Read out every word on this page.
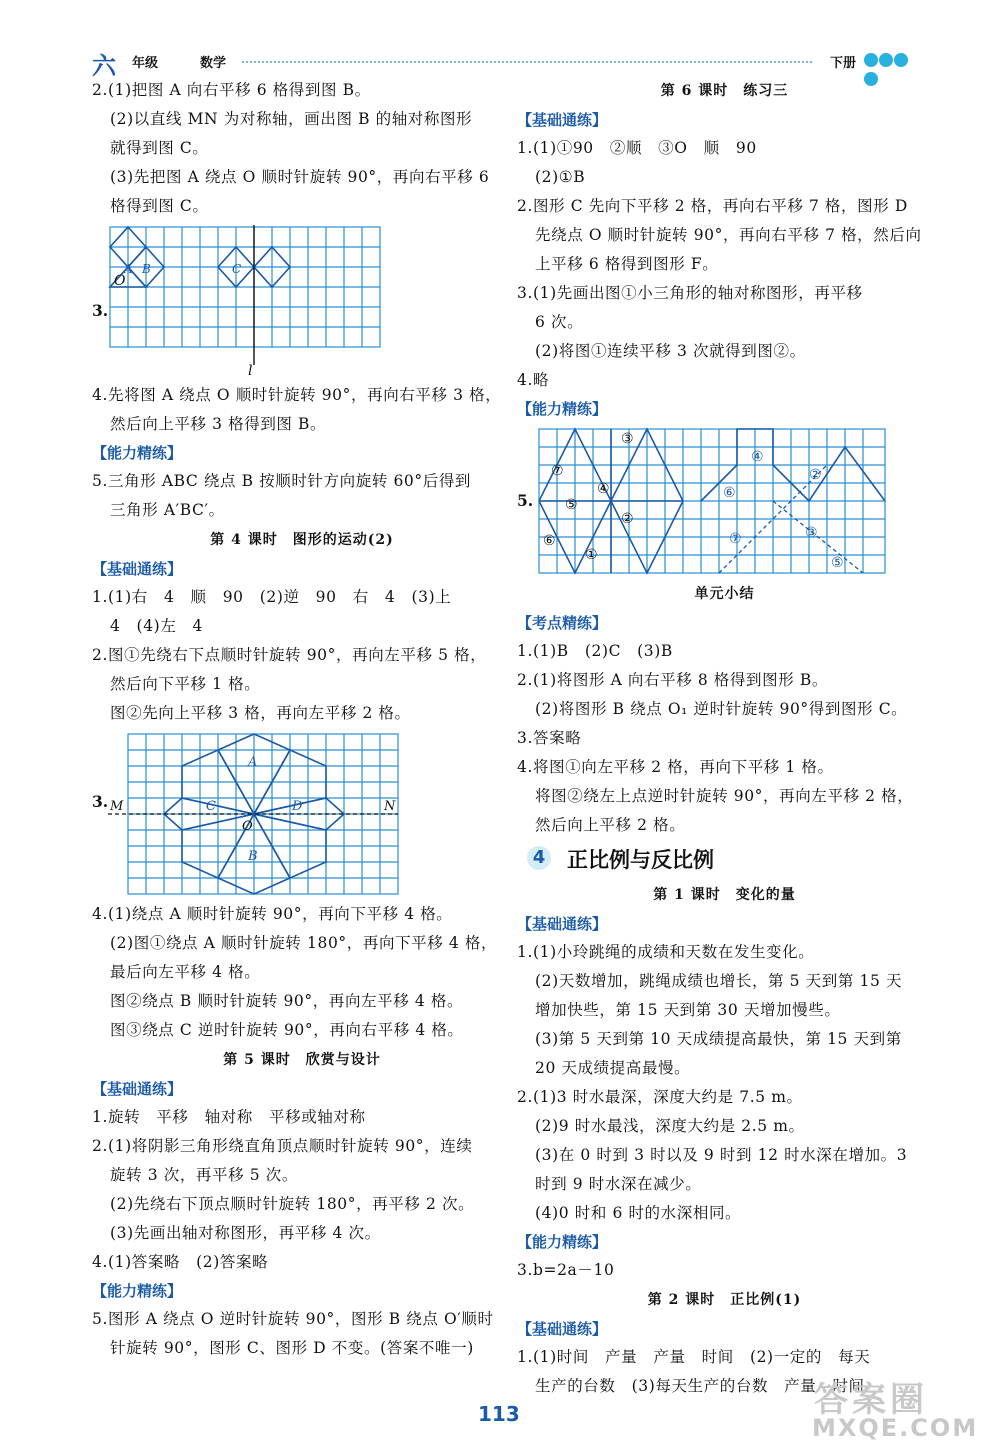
六 年级	数学	下册
2.(1)把图 A 向右平移 6 格得到图 B。
(2)以直线 MN 为对称轴，画出图 B 的轴对称图形
就得到图 C。
(3)先把图 A 绕点 O 顺时针旋转 90°，再向右平移 6
格得到图 C。
3.
O
A B	C
l
4.先将图 A 绕点 O 顺时针旋转 90°，再向右平移 3 格，
然后向上平移 3 格得到图 B。
【能力精练】
5.三角形 ABC 绕点 B 按顺时针方向旋转 60°后得到
三角形 A′BC′。
第 4 课时　图形的运动(2)
【基础通练】
1.(1)右　4　顺　90　(2)逆　90　右　4　(3)上
4　(4)左　4
2.图①先绕右下点顺时针旋转 90°，再向左平移 5 格，
然后向下平移 1 格。
图②先向上平移 3 格，再向左平移 2 格。
3. M	N
A
B
C	D
O
4.(1)绕点 A 顺时针旋转 90°，再向下平移 4 格。
(2)图①绕点 A 顺时针旋转 180°，再向下平移 4 格，
最后向左平移 4 格。
图②绕点 B 顺时针旋转 90°，再向左平移 4 格。
图③绕点 C 逆时针旋转 90°，再向右平移 4 格。
第 5 课时　欣赏与设计
【基础通练】
1.旋转　平移　轴对称　平移或轴对称
2.(1)将阴影三角形绕直角顶点顺时针旋转 90°，连续
旋转 3 次，再平移 5 次。
(2)先绕右下顶点顺时针旋转 180°，再平移 2 次。
(3)先画出轴对称图形，再平移 4 次。
4.(1)答案略　(2)答案略
【能力精练】
5.图形 A 绕点 O 逆时针旋转 90°，图形 B 绕点 O′顺时
针旋转 90°，图形 C、图形 D 不变。(答案不唯一)
第 6 课时　练习三
【基础通练】
1.(1)①90　②顺　③O　顺　90
(2)①B
2.图形 C 先向下平移 2 格，再向右平移 7 格，图形 D
先绕点 O 顺时针旋转 90°，再向右平移 7 格，然后向
上平移 6 格得到图形 F。
3.(1)先画出图①小三角形的轴对称图形，再平移
6 次。
(2)将图①连续平移 3 次就得到图②。
4.略
【能力精练】
5.
①
②
②
③
③
④
④
⑤
⑤
⑥
⑥
⑦
⑦
单元小结
【考点精练】
1.(1)B　(2)C　(3)B
2.(1)将图形 A 向右平移 8 格得到图形 B。
(2)将图形 B 绕点 O₁ 逆时针旋转 90°得到图形 C。
3.答案略
4.将图①向左平移 2 格，再向下平移 1 格。
将图②绕左上点逆时针旋转 90°，再向左平移 2 格，
然后向上平移 2 格。
4 正比例与反比例
第 1 课时　变化的量
【基础通练】
1.(1)小玲跳绳的成绩和天数在发生变化。
(2)天数增加，跳绳成绩也增长，第 5 天到第 15 天
增加快些，第 15 天到第 30 天增加慢些。
(3)第 5 天到第 10 天成绩提高最快，第 15 天到第
20 天成绩提高最慢。
2.(1)3 时水最深，深度大约是 7.5 m。
(2)9 时水最浅，深度大约是 2.5 m。
(3)在 0 时到 3 时以及 9 时到 12 时水深在增加。3
时到 9 时水深在减少。
(4)0 时和 6 时的水深相同。
【能力精练】
3.b=2a－10
第 2 课时　正比例(1)
【基础通练】
1.(1)时间　产量　产量　时间　(2)一定的　每天
生产的台数　(3)每天生产的台数　产量　时间
113	答案圈
MXQE.COM
